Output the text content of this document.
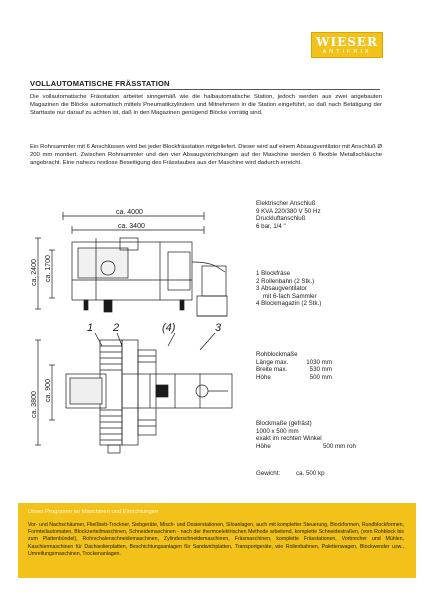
WIESER
ANTIFRIX
VOLLAUTOMATISCHE FRÄSSTATION

Die vollautomatische Frässtation arbeitet sinngemäß wie die halbautomatische Station, jedoch werden aus zwei angebauten Magazinen die Blöcke automatisch mittels Pneumatikzylindern und Mitnehmern in die Station eingeführt, so daß nach Betätigung der Starttaste nur darauf zu achten ist, daß in den Magazinen genügend Blöcke vorrätig sind.

Ein Rohrsammler mit 6 Anschlüssen wird bei jeder Blockfrässtation mitgeliefert. Dieser wird auf einem Absaugventilator mit Anschluß Ø 200 mm montiert. Zwischen Rohrsammler und den vier Absaugvorrichtungen auf der Maschine werden 6 flexible Metallschläuche angebracht. Eine nahezu restlose Beseitigung des Frässtaubes aus der Maschine wird dadurch erreicht.

ca. 4000
ca. 3400
ca. 2400 ca. 1700
1 2	(4)	3
ca. 3800
ca. 900
Elektrischer Anschluß
9 KVA 220/380 V 50 Hz
Druckluftanschluß
6 bar, 1/4 "
1 Blockfräse
2 Rollenbahn (2 Stk.)
3 Absaugventilator
mit 6-fach Sammler
4 Blockmagazin (2 Stk.)
Rohblockmaße
Länge max.	1030 mm
Breite max.	530 mm
Höhe	500 mm
Blockmaße (gefräst)
1000 x 500 mm
exakt im rechten Winkel
Höhe	500 mm roh
Gewicht:	ca. 500 kp
Unser Programm an Maschinen und Einrichtungen

Vor- und Nachschäumer, Fließbett-Trockner, Siebgeräte, Misch- und Dosierstationen, Siloanlagen, auch mit kompletter Steuerung, Blockformen, Rundblockformen, Formteilautomaten, Blockzerteilmaschinen, Schneidemaschinen - nach der thermoelektrischen Methode arbeitend, komplette Schneidestraßen, (vom Rohblock bis zum Plattenbündel), Rohrschalenschneidemaschinen, Zylinderschneidemaschinen, Fräsmaschinen, komplette Frässtationen, Vorbrecher und Mühlen, Kaschiermaschinen für Dachisolierplatten, Beschichtungsanlagen für Sandwichplatten, Transportgeräte, wie Rollenbahnen, Palettenwagen, Blockwender usw., Umreifungsmaschinen, Trockenanlagen.
